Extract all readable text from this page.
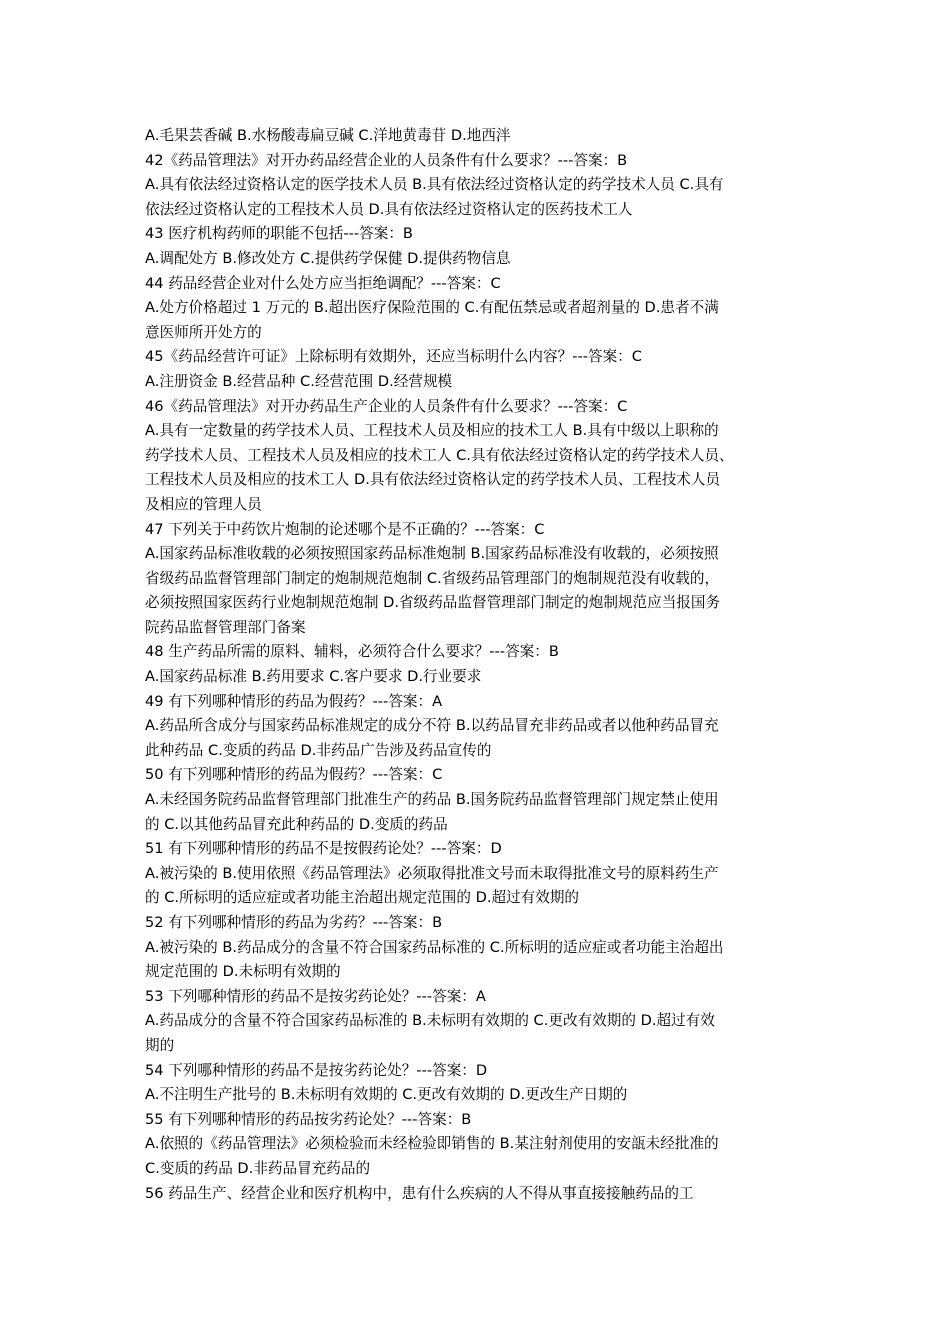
A.毛果芸香碱 B.水杨酸毒扁豆碱 C.洋地黄毒苷 D.地西泮
42《药品管理法》对开办药品经营企业的人员条件有什么要求？---答案：B
A.具有依法经过资格认定的医学技术人员 B.具有依法经过资格认定的药学技术人员 C.具有
依法经过资格认定的工程技术人员 D.具有依法经过资格认定的医药技术工人
43 医疗机构药师的职能不包括---答案：B
A.调配处方 B.修改处方 C.提供药学保健 D.提供药物信息
44 药品经营企业对什么处方应当拒绝调配？---答案：C
A.处方价格超过 1 万元的 B.超出医疗保险范围的 C.有配伍禁忌或者超剂量的 D.患者不满
意医师所开处方的
45《药品经营许可证》上除标明有效期外，还应当标明什么内容？---答案：C
A.注册资金 B.经营品种 C.经营范围 D.经营规模
46《药品管理法》对开办药品生产企业的人员条件有什么要求？---答案：C
A.具有一定数量的药学技术人员、工程技术人员及相应的技术工人 B.具有中级以上职称的
药学技术人员、工程技术人员及相应的技术工人 C.具有依法经过资格认定的药学技术人员、
工程技术人员及相应的技术工人 D.具有依法经过资格认定的药学技术人员、工程技术人员
及相应的管理人员
47 下列关于中药饮片炮制的论述哪个是不正确的？---答案：C
A.国家药品标准收载的必须按照国家药品标准炮制 B.国家药品标准没有收载的，必须按照
省级药品监督管理部门制定的炮制规范炮制 C.省级药品管理部门的炮制规范没有收载的，
必须按照国家医药行业炮制规范炮制 D.省级药品监督管理部门制定的炮制规范应当报国务
院药品监督管理部门备案
48 生产药品所需的原料、辅料，必须符合什么要求？---答案：B
A.国家药品标准 B.药用要求 C.客户要求 D.行业要求
49 有下列哪种情形的药品为假药？---答案：A
A.药品所含成分与国家药品标准规定的成分不符 B.以药品冒充非药品或者以他种药品冒充
此种药品 C.变质的药品 D.非药品广告涉及药品宣传的
50 有下列哪种情形的药品为假药？---答案：C
A.未经国务院药品监督管理部门批准生产的药品 B.国务院药品监督管理部门规定禁止使用
的 C.以其他药品冒充此种药品的 D.变质的药品
51 有下列哪种情形的药品不是按假药论处？---答案：D
A.被污染的 B.使用依照《药品管理法》必须取得批准文号而未取得批准文号的原料药生产
的 C.所标明的适应症或者功能主治超出规定范围的 D.超过有效期的
52 有下列哪种情形的药品为劣药？---答案：B
A.被污染的 B.药品成分的含量不符合国家药品标准的 C.所标明的适应症或者功能主治超出
规定范围的 D.未标明有效期的
53 下列哪种情形的药品不是按劣药论处？---答案：A
A.药品成分的含量不符合国家药品标准的 B.未标明有效期的 C.更改有效期的 D.超过有效
期的
54 下列哪种情形的药品不是按劣药论处？---答案：D
A.不注明生产批号的 B.未标明有效期的 C.更改有效期的 D.更改生产日期的
55 有下列哪种情形的药品按劣药论处？---答案：B
A.依照的《药品管理法》必须检验而未经检验即销售的 B.某注射剂使用的安瓿未经批准的
C.变质的药品 D.非药品冒充药品的
56 药品生产、经营企业和医疗机构中，患有什么疾病的人不得从事直接接触药品的工
